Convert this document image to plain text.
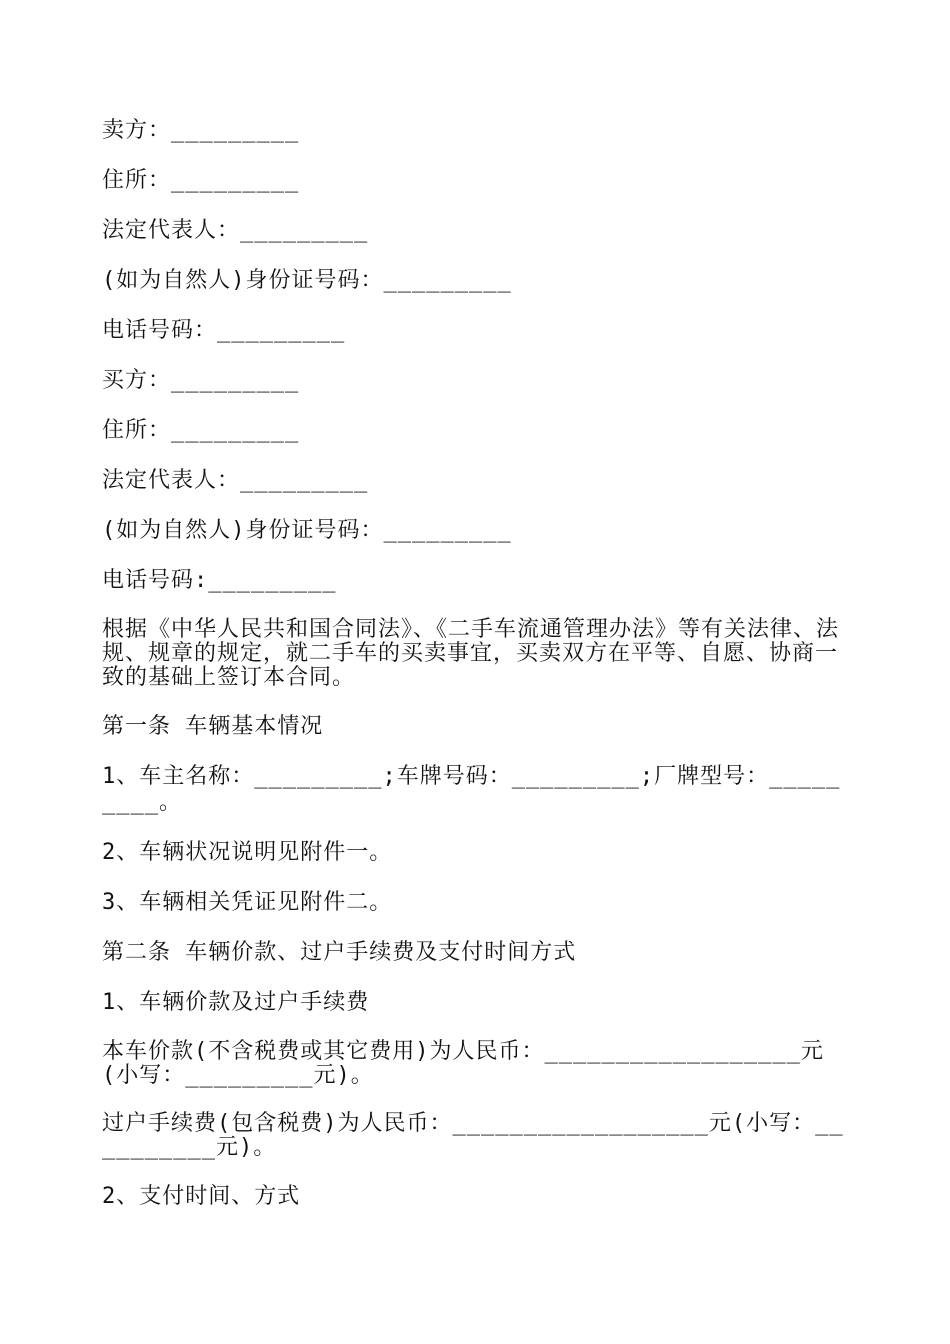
卖方：_________
住所：_________
法定代表人：_________
(如为自然人)身份证号码：_________
电话号码：_________
买方：_________
住所：_________
法定代表人：_________
(如为自然人)身份证号码：_________
电话号码:_________
根据《中华人民共和国合同法》、《二手车流通管理办法》等有关法律、法规、规章的规定，就二手车的买卖事宜，买卖双方在平等、自愿、协商一致的基础上签订本合同。
第一条 车辆基本情况
1、车主名称：_________;车牌号码：_________;厂牌型号：_________。
2、车辆状况说明见附件一。
3、车辆相关凭证见附件二。
第二条 车辆价款、过户手续费及支付时间方式
1、车辆价款及过户手续费
本车价款(不含税费或其它费用)为人民币：__________________元(小写：_________元)。
过户手续费(包含税费)为人民币：__________________元(小写：__________元)。
2、支付时间、方式
